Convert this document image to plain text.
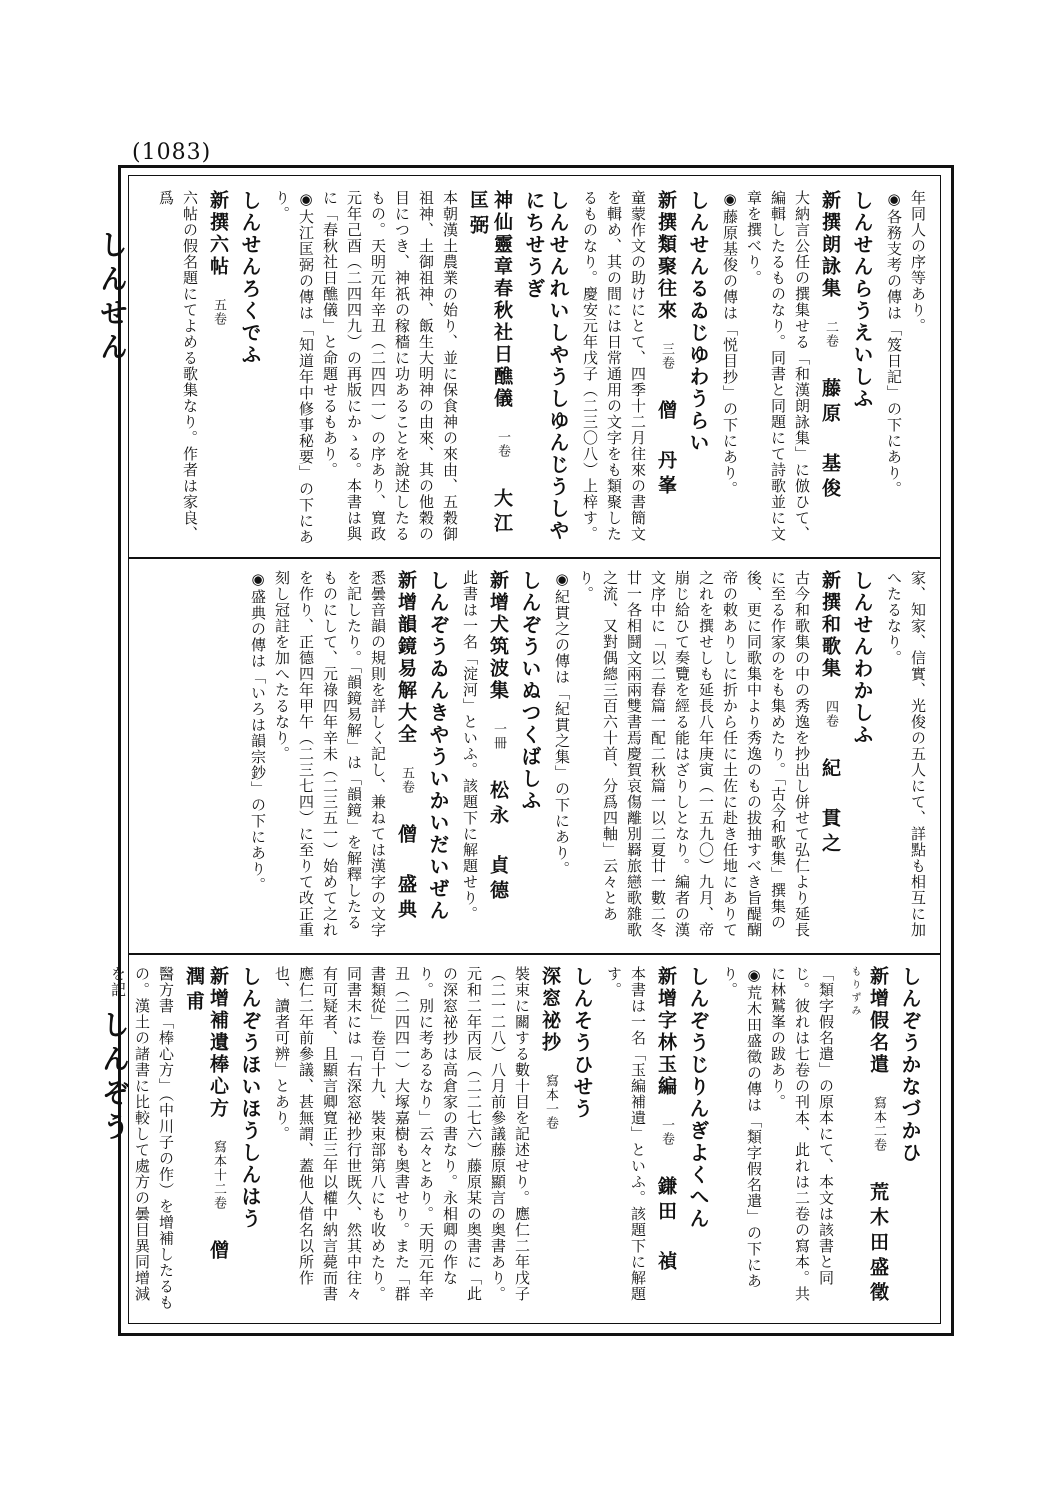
(1083)
しんせん
しんぞう

年同人の序等あり。

◉各務支考の傳は「笈日記」の下にあり。

しんせんらうえいしふ

新撰朗詠集二卷藤原　基俊

大納言公任の撰集せる「和漢朗詠集」に倣ひて、編輯したるものなり。同書と同題にて詩歌並に文章を撰べり。

◉藤原基俊の傳は「悦目抄」の下にあり。

しんせんるゐじゆわうらい

新撰類聚往來三卷僧　丹峯

童蒙作文の助けにとて、四季十二月往來の書簡文を輯め、其の間には日常通用の文字をも類聚したるものなり。慶安元年戊子（二三〇八）上梓す。

しんせんれいしやうしゆんじうしやにちせうぎ

神仙靈章春秋社日醮儀一卷大江　匡弼

本朝漢土農業の始り、並に保食神の來由、五穀御祖神、土御祖神、飯生大明神の由來、其の他穀の目につき、神祇の稼穡に功あることを說述したるもの。天明元年辛丑（二四四一）の序あり、寬政元年己酉（二四四九）の再版にかゝる。本書は與に「春秋社日醮儀」と命題せるもあり。

◉大江匡弼の傳は「知道年中修事秘要」の下にあり。

しんせんろくでふ

新撰六帖五卷

六帖の假名題にてよめる歌集なり。作者は家良、爲

家、知家、信實、光俊の五人にて、詳點も相互に加へたるなり。

しんせんわかしふ

新撰和歌集四卷紀　貫之

古今和歌集の中の秀逸を抄出し併せて弘仁より延長に至る作家のをも集めたり。「古今和歌集」撰集の後、更に同歌集中より秀逸のもの拔抽すべき旨醍醐帝の敕ありしに折から任に土佐に赴き任地にありて之れを撰せしも延長八年庚寅（一五九〇）九月、帝崩じ給ひて奏覽を經る能はざりしとなり。編者の漢文序中に「以二春篇一配二秋篇一以二夏廿一數二冬廿一各相鬪文兩兩雙書焉慶賀哀傷離別羇旅戀歌雜歌之流、又對偶總三百六十首、分爲四軸」云々とあり。

◉紀貫之の傳は「紀貫之集」の下にあり。

しんぞういぬつくばしふ

新增犬筑波集一冊松永　貞德

此書は一名「淀河」といふ。該題下に解題せり。

しんぞうゐんきやういかいだいぜん

新增韻鏡易解大全五卷僧　盛典

悉曇音韻の規則を詳しく記し、兼ねては漢字の文字を記したり。「韻鏡易解」は「韻鏡」を解釋したるものにして、元祿四年辛未（二三五一）始めて之れを作り、正德四年甲午（二三七四）に至りて改正重刻し冠註を加へたるなり。

◉盛典の傳は「いろは韻宗鈔」の下にあり。

しんぞうかなづかひ

新增假名遣寫本二卷荒木田盛徵もりずみ

「類字假名遣」の原本にて、本文は該書と同じ。彼れは七卷の刊本、此れは二卷の寫本。共に林鷲峯の跋あり。

◉荒木田盛徵の傳は「類字假名遣」の下にあり。

しんぞうじりんぎよくへん

新增字林玉編一卷鎌田　禎

本書は一名「玉編補遺」といふ。該題下に解題す。

しんそうひせう

深窓祕抄寫本一卷

裝束に關する數十目を記述せり。應仁二年戊子（二一二八）八月前參議藤原顯言の奥書あり。元和二年丙辰（二二七六）藤原某の奥書に「此の深窓祕抄は高倉家の書なり。永相卿の作なり。別に考あるなり」云々とあり。天明元年辛丑（二四四一）大塚嘉樹も奥書せり。また「群書類從」卷百十九、裝束部第八にも收めたり。同書末には「右深窓祕抄行世既久、然其中往々有可疑者、且顯言卿寬正三年以權中納言薨而書應仁二年前參議、甚無謂、蓋他人借名以所作也、讀者可辨」とあり。

しんぞうほいほうしんはう

新增補遺棒心方寫本十二卷僧　潤甫

醫方書「棒心方」（中川子の作）を增補したるもの。漢土の諸書に比較して處方の曇目異同增減を記
